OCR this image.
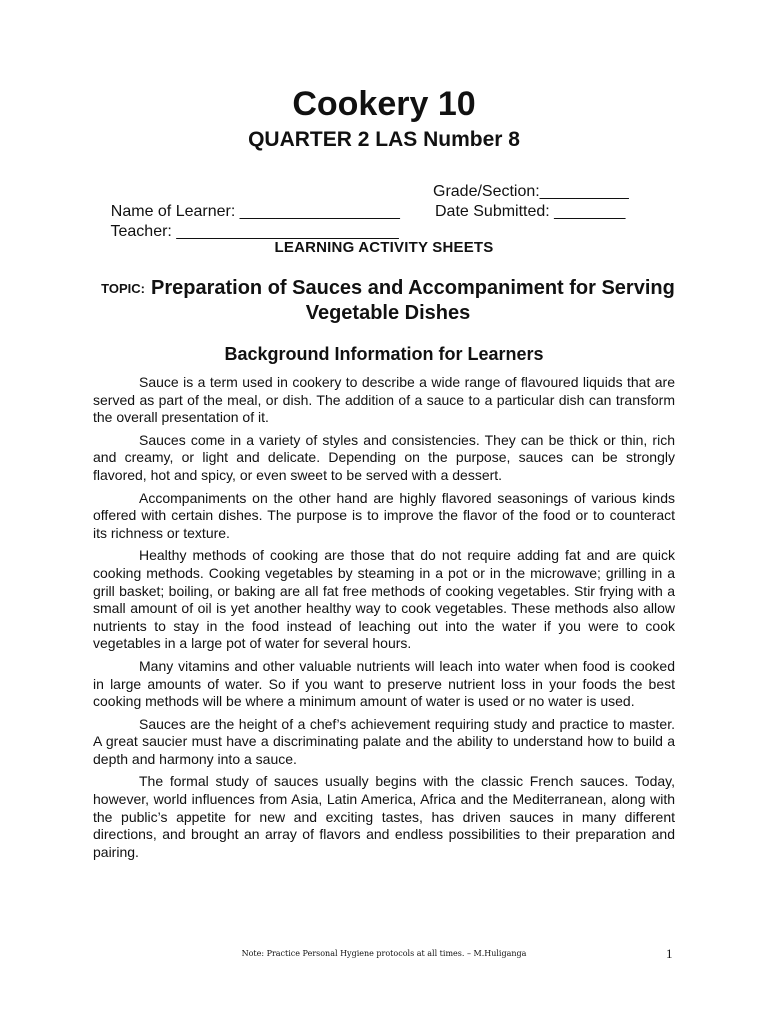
Cookery 10
QUARTER 2 LAS Number 8

Name of Learner: __________________

Grade/Section:__________

Teacher: _________________________

Date Submitted: ________

LEARNING ACTIVITY SHEETS
TOPIC: Preparation of Sauces and Accompaniment for Serving Vegetable Dishes
Background Information for Learners

Sauce is a term used in cookery to describe a wide range of flavoured liquids that are served as part of the meal, or dish. The addition of a sauce to a particular dish can transform the overall presentation of it.

Sauces come in a variety of styles and consistencies. They can be thick or thin, rich and creamy, or light and delicate. Depending on the purpose, sauces can be strongly flavored, hot and spicy, or even sweet to be served with a dessert.

Accompaniments on the other hand are highly flavored seasonings of various kinds offered with certain dishes. The purpose is to improve the flavor of the food or to counteract its richness or texture.

Healthy methods of cooking are those that do not require adding fat and are quick cooking methods. Cooking vegetables by steaming in a pot or in the microwave; grilling in a grill basket; boiling, or baking are all fat free methods of cooking vegetables. Stir frying with a small amount of oil is yet another healthy way to cook vegetables. These methods also allow nutrients to stay in the food instead of leaching out into the water if you were to cook vegetables in a large pot of water for several hours.

Many vitamins and other valuable nutrients will leach into water when food is cooked in large amounts of water. So if you want to preserve nutrient loss in your foods the best cooking methods will be where a minimum amount of water is used or no water is used.

Sauces are the height of a chef’s achievement requiring study and practice to master. A great saucier must have a discriminating palate and the ability to understand how to build a depth and harmony into a sauce.

The formal study of sauces usually begins with the classic French sauces. Today, however, world influences from Asia, Latin America, Africa and the Mediterranean, along with the public’s appetite for new and exciting tastes, has driven sauces in many different directions, and brought an array of flavors and endless possibilities to their preparation and pairing.

Note: Practice Personal Hygiene protocols at all times. – M.Huliganga	1
